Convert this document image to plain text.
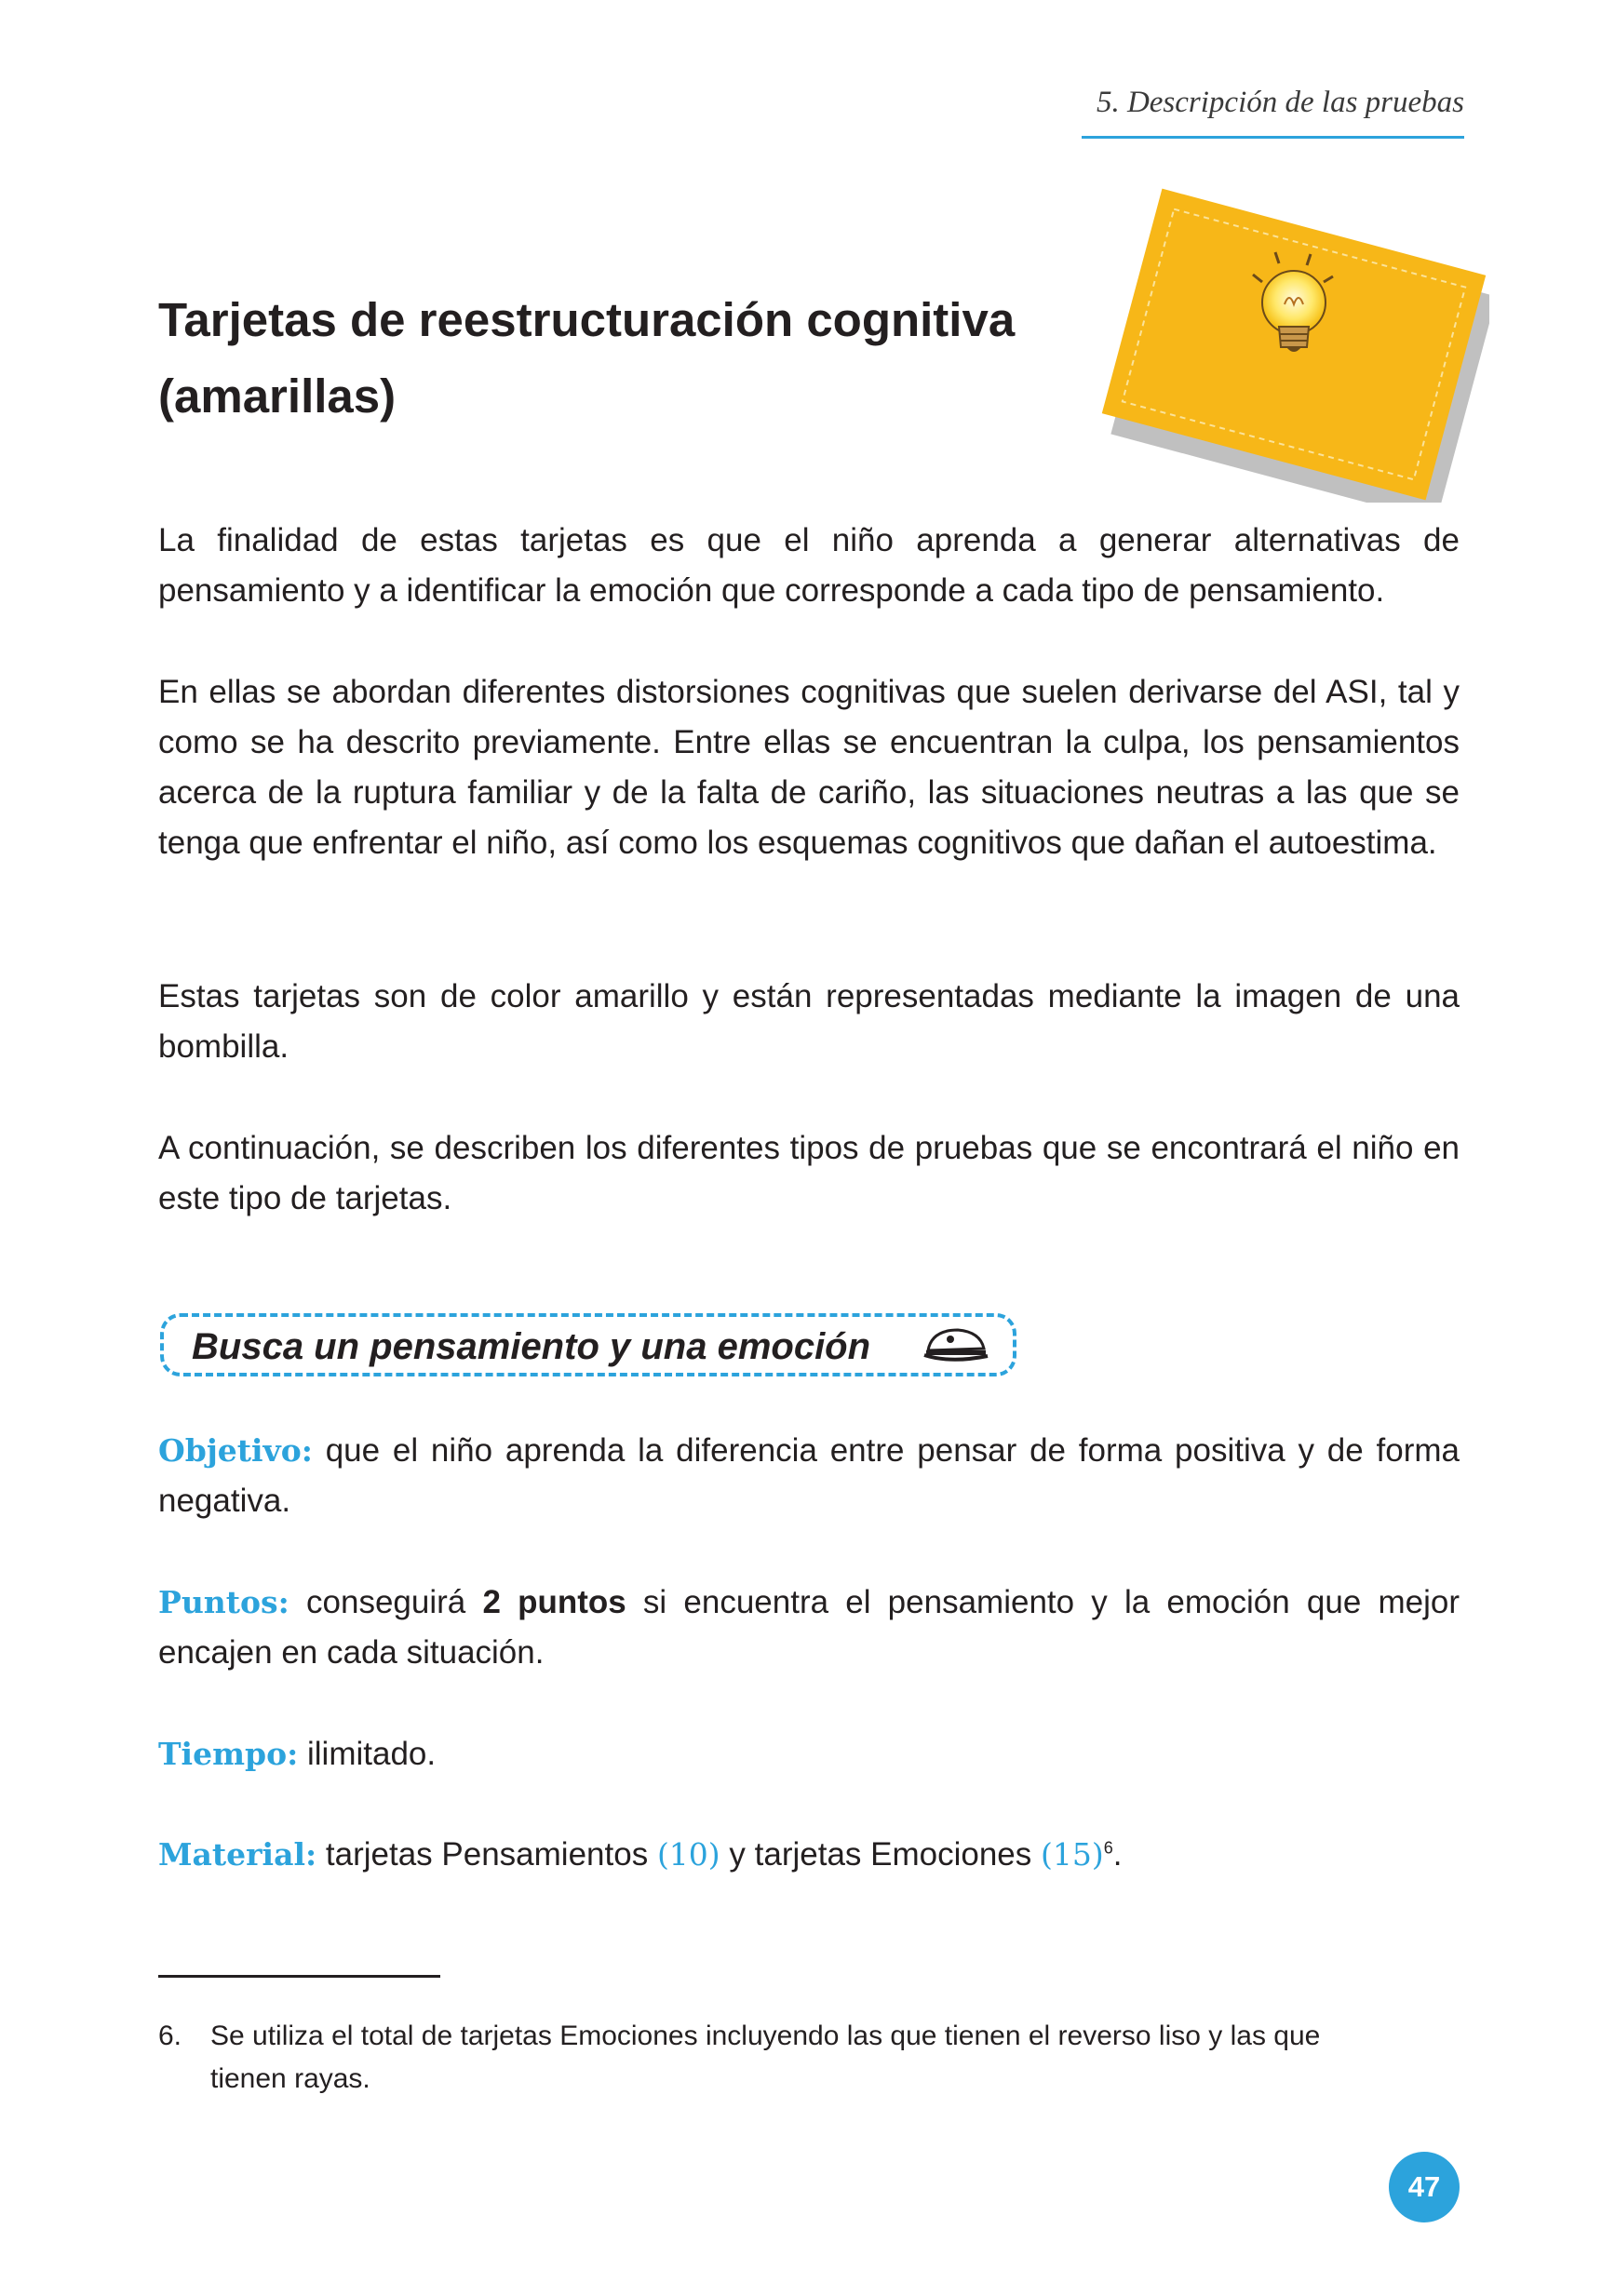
5. Descripción de las pruebas
Tarjetas de reestructuración cognitiva
(amarillas)

La finalidad de estas tarjetas es que el niño aprenda a generar alternativas de pensamiento y a identificar la emoción que corresponde a cada tipo de pensamiento.

En ellas se abordan diferentes distorsiones cognitivas que suelen derivarse del ASI, tal y como se ha descrito previamente. Entre ellas se encuentran la culpa, los pensamientos acerca de la ruptura familiar y de la falta de cariño, las situaciones neutras a las que se tenga que enfrentar el niño, así como los esquemas cognitivos que dañan el autoestima.

Estas tarjetas son de color amarillo y están representadas mediante la imagen de una bombilla.

A continuación, se describen los diferentes tipos de pruebas que se encontrará el niño en este tipo de tarjetas.

Busca un pensamiento y una emoción

Objetivo: que el niño aprenda la diferencia entre pensar de forma positiva y de forma negativa.

Puntos: conseguirá 2 puntos si encuentra el pensamiento y la emoción que mejor encajen en cada situación.

Tiempo: ilimitado.

Material: tarjetas Pensamientos (10) y tarjetas Emociones $(15)^6$.

6. Se utiliza el total de tarjetas Emociones incluyendo las que tienen el reverso liso y las que
tienen rayas.

47
